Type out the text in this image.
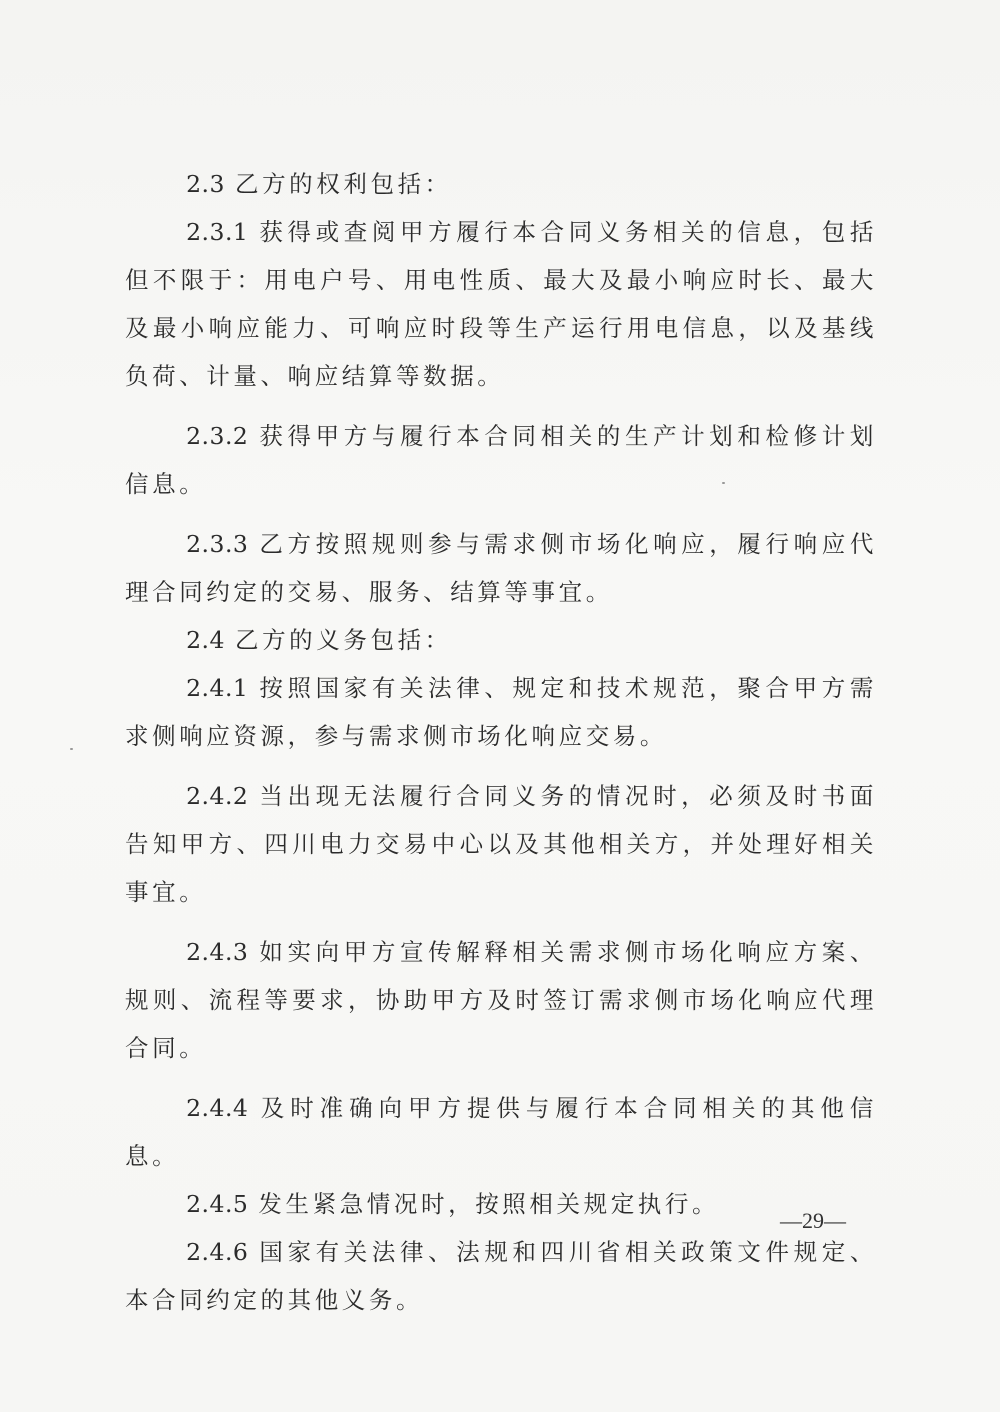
2.3 乙方的权利包括：

2.3.1 获得或查阅甲方履行本合同义务相关的信息，包括但不限于：用电户号、用电性质、最大及最小响应时长、最大及最小响应能力、可响应时段等生产运行用电信息，以及基线负荷、计量、响应结算等数据。

2.3.2 获得甲方与履行本合同相关的生产计划和检修计划信息。

2.3.3 乙方按照规则参与需求侧市场化响应，履行响应代理合同约定的交易、服务、结算等事宜。

2.4 乙方的义务包括：

2.4.1 按照国家有关法律、规定和技术规范，聚合甲方需求侧响应资源，参与需求侧市场化响应交易。

2.4.2 当出现无法履行合同义务的情况时，必须及时书面告知甲方、四川电力交易中心以及其他相关方，并处理好相关事宜。

2.4.3 如实向甲方宣传解释相关需求侧市场化响应方案、规则、流程等要求，协助甲方及时签订需求侧市场化响应代理合同。

2.4.4 及时准确向甲方提供与履行本合同相关的其他信息。

2.4.5 发生紧急情况时，按照相关规定执行。

2.4.6 国家有关法律、法规和四川省相关政策文件规定、本合同约定的其他义务。

—29—
